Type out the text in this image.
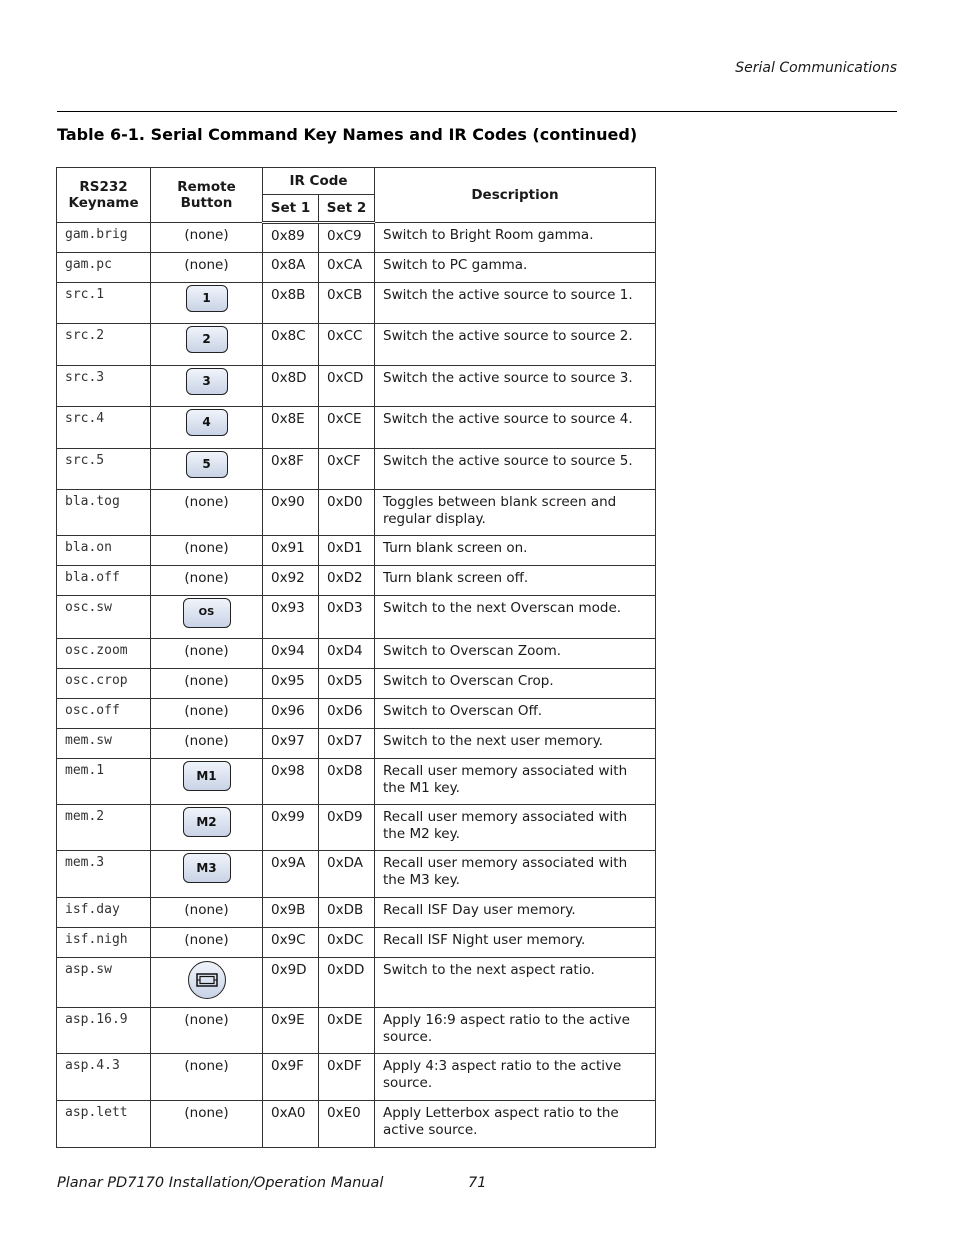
Serial Communications
Table 6-1. Serial Command Key Names and IR Codes (continued)
RS232 Keyname	Remote Button	IR Code		Description
		Set 1	Set 2	
gam.brig	(none)	0x89	0xC9	Switch to Bright Room gamma.
gam.pc	(none)	0x8A	0xCA	Switch to PC gamma.
src.1	1	0x8B	0xCB	Switch the active source to source 1.
src.2	2	0x8C	0xCC	Switch the active source to source 2.
src.3	3	0x8D	0xCD	Switch the active source to source 3.
src.4	4	0x8E	0xCE	Switch the active source to source 4.
src.5	5	0x8F	0xCF	Switch the active source to source 5.
bla.tog	(none)	0x90	0xD0	Toggles between blank screen and regular display.
bla.on	(none)	0x91	0xD1	Turn blank screen on.
bla.off	(none)	0x92	0xD2	Turn blank screen off.
osc.sw	OS	0x93	0xD3	Switch to the next Overscan mode.
osc.zoom	(none)	0x94	0xD4	Switch to Overscan Zoom.
osc.crop	(none)	0x95	0xD5	Switch to Overscan Crop.
osc.off	(none)	0x96	0xD6	Switch to Overscan Off.
mem.sw	(none)	0x97	0xD7	Switch to the next user memory.
mem.1	M1	0x98	0xD8	Recall user memory associated with the M1 key.
mem.2	M2	0x99	0xD9	Recall user memory associated with the M2 key.
mem.3	M3	0x9A	0xDA	Recall user memory associated with the M3 key.
isf.day	(none)	0x9B	0xDB	Recall ISF Day user memory.
isf.nigh	(none)	0x9C	0xDC	Recall ISF Night user memory.
asp.sw		0x9D	0xDD	Switch to the next aspect ratio.
asp.16.9	(none)	0x9E	0xDE	Apply 16:9 aspect ratio to the active source.
asp.4.3	(none)	0x9F	0xDF	Apply 4:3 aspect ratio to the active source.
asp.lett	(none)	0xA0	0xE0	Apply Letterbox aspect ratio to the active source.
Planar PD7170 Installation/Operation Manual	71
